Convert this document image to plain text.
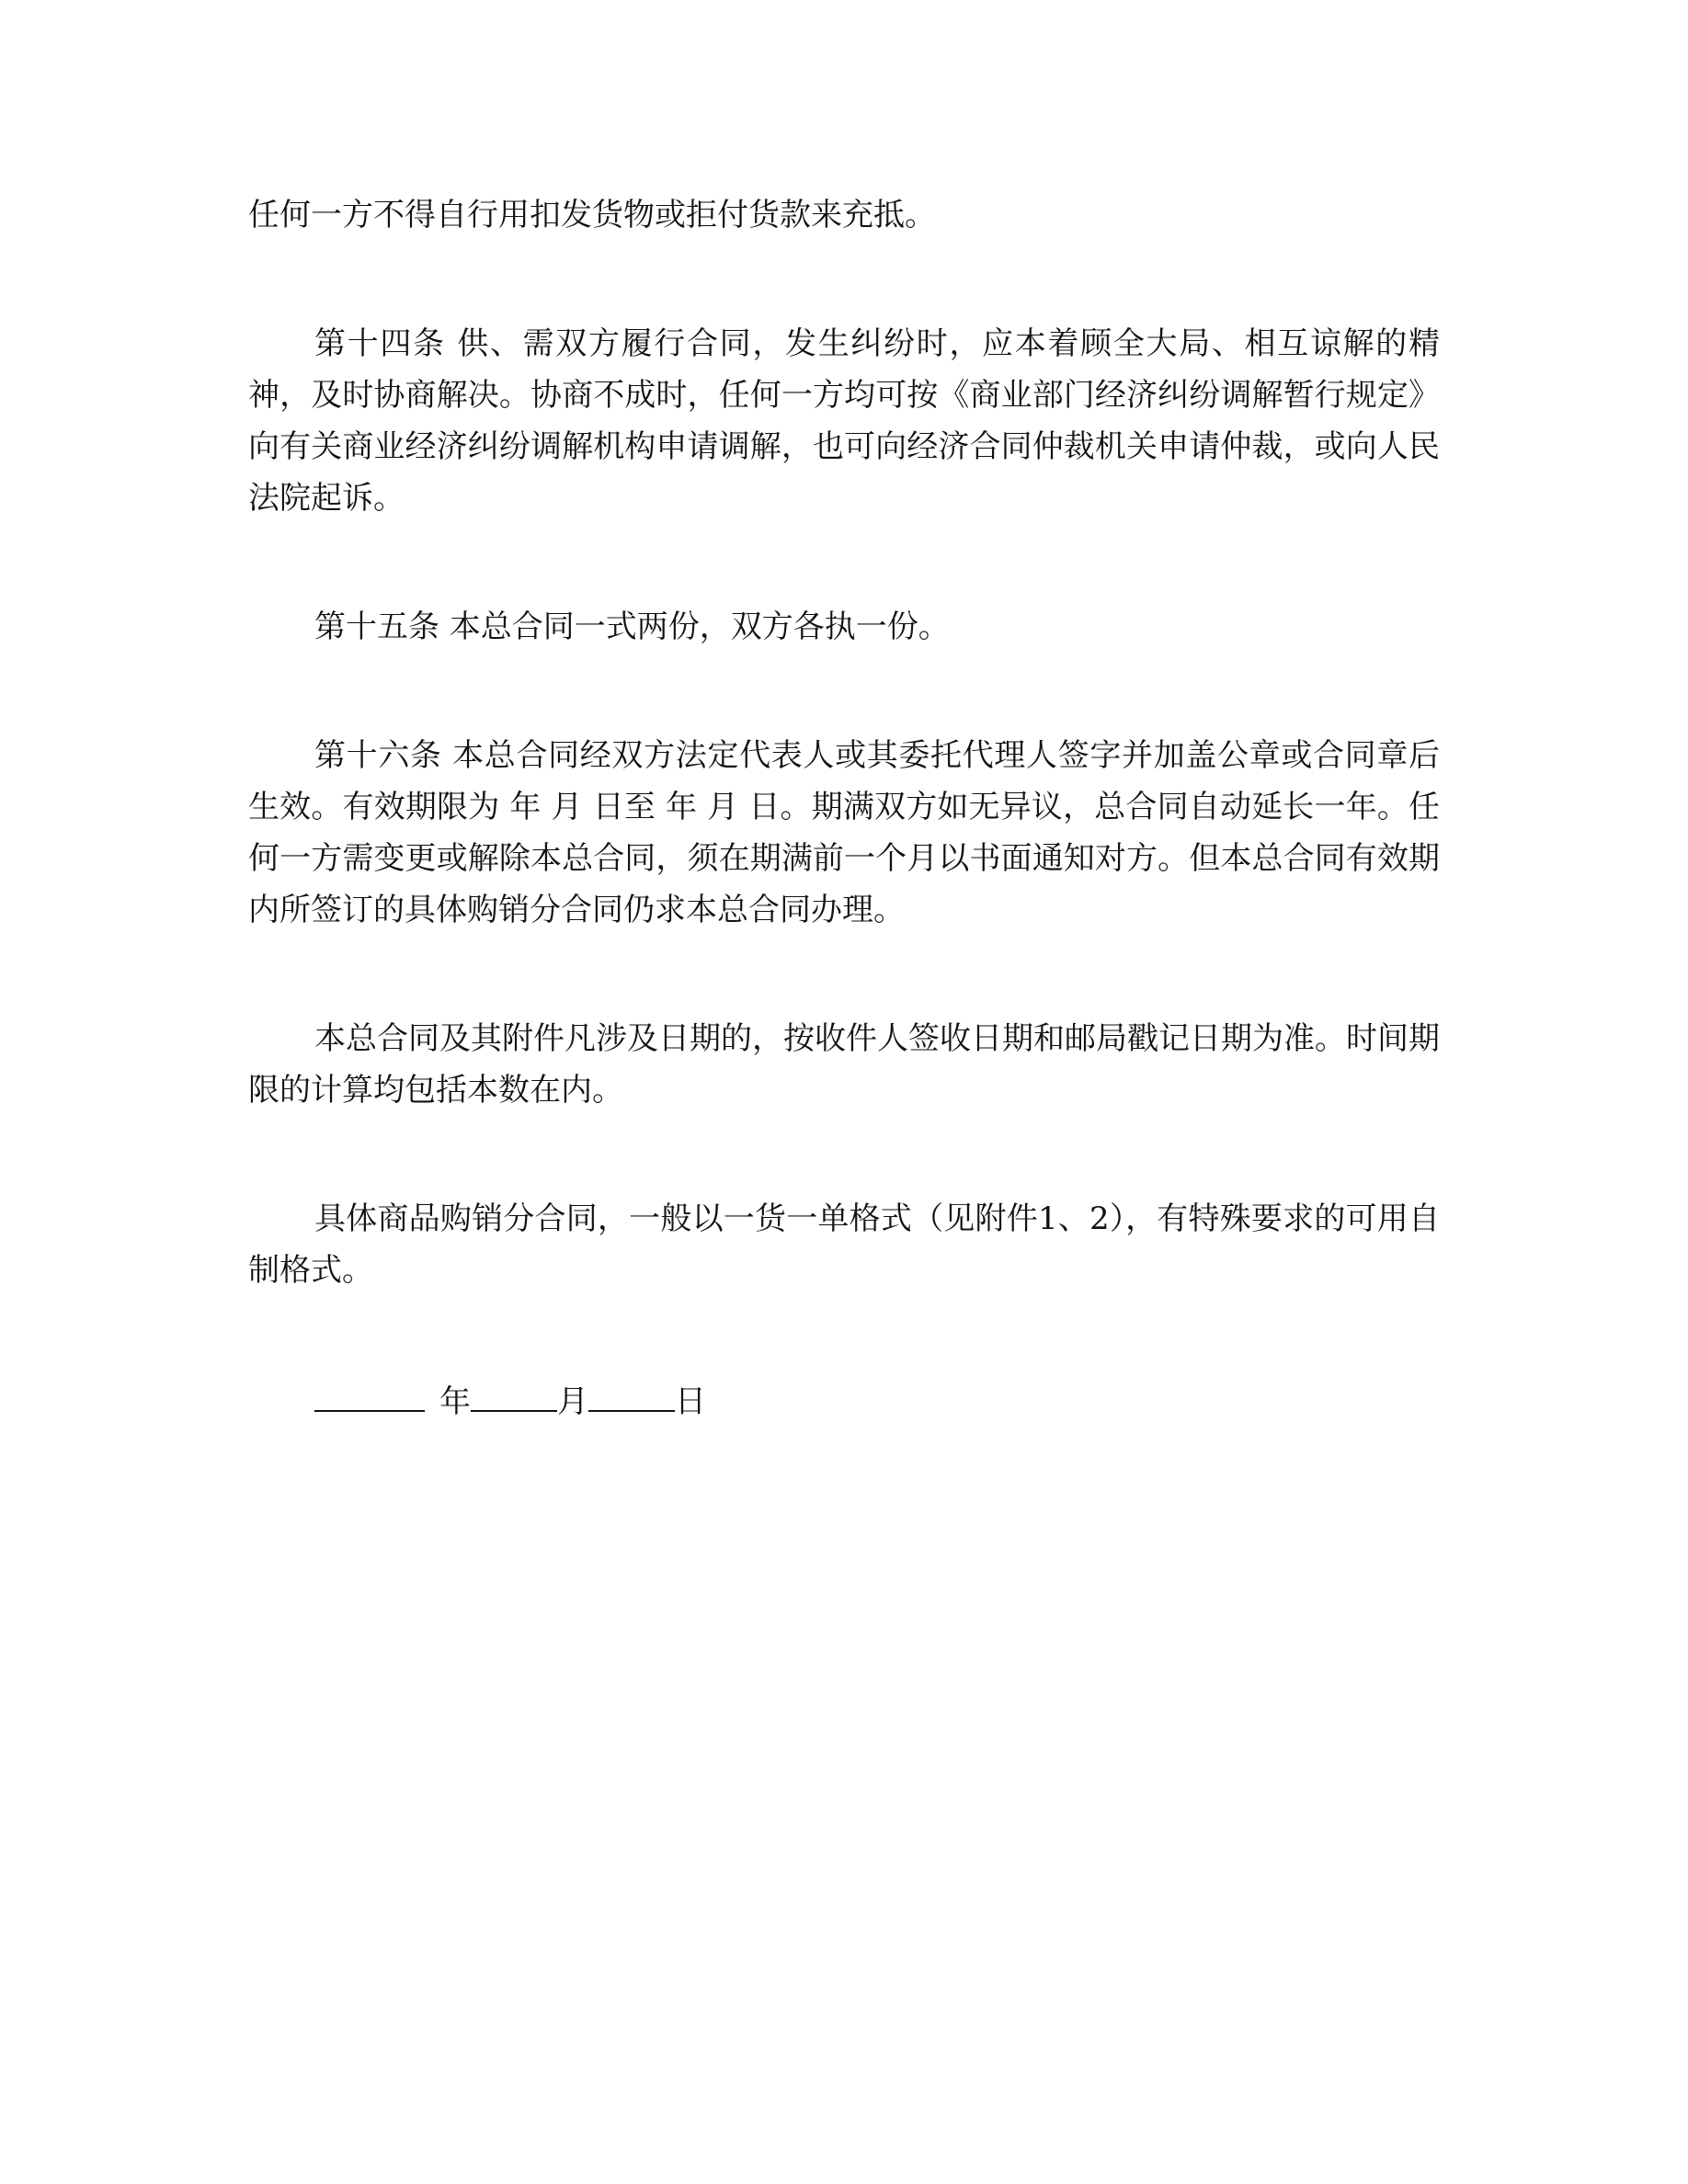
任何一方不得自行用扣发货物或拒付货款来充抵。

第十四条 供、需双方履行合同，发生纠纷时，应本着顾全大局、相互谅解的精神，及时协商解决。协商不成时，任何一方均可按《商业部门经济纠纷调解暂行规定》向有关商业经济纠纷调解机构申请调解，也可向经济合同仲裁机关申请仲裁，或向人民法院起诉。

第十五条 本总合同一式两份，双方各执一份。

第十六条 本总合同经双方法定代表人或其委托代理人签字并加盖公章或合同章后生效。有效期限为 年 月 日至 年 月 日。期满双方如无异议，总合同自动延长一年。任何一方需变更或解除本总合同，须在期满前一个月以书面通知对方。但本总合同有效期内所签订的具体购销分合同仍求本总合同办理。

本总合同及其附件凡涉及日期的，按收件人签收日期和邮局戳记日期为准。时间期限的计算均包括本数在内。

具体商品购销分合同，一般以一货一单格式（见附件1、2），有特殊要求的可用自制格式。

年	月	日
